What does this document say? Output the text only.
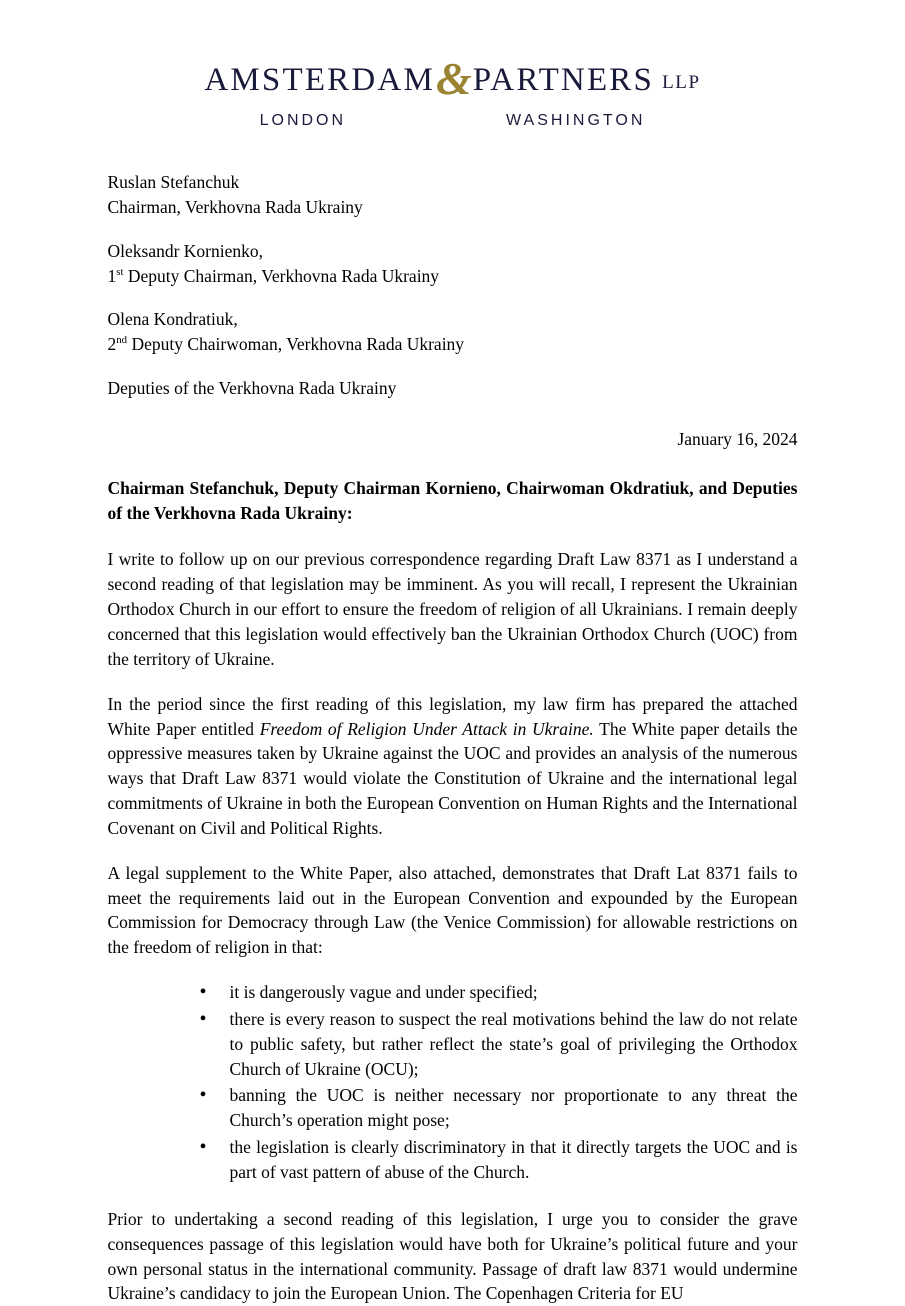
AMSTERDAM&PARTNERS LLP
LONDON	WASHINGTON
Ruslan Stefanchuk
Chairman, Verkhovna Rada Ukrainy
Oleksandr Kornienko,
1st Deputy Chairman, Verkhovna Rada Ukrainy
Olena Kondratiuk,
2nd Deputy Chairwoman, Verkhovna Rada Ukrainy
Deputies of the Verkhovna Rada Ukrainy
January 16, 2024
Chairman Stefanchuk, Deputy Chairman Kornieno, Chairwoman Okdratiuk, and Deputies of the Verkhovna Rada Ukrainy:

I write to follow up on our previous correspondence regarding Draft Law 8371 as I understand a second reading of that legislation may be imminent. As you will recall, I represent the Ukrainian Orthodox Church in our effort to ensure the freedom of religion of all Ukrainians. I remain deeply concerned that this legislation would effectively ban the Ukrainian Orthodox Church (UOC) from the territory of Ukraine.

In the period since the first reading of this legislation, my law firm has prepared the attached White Paper entitled Freedom of Religion Under Attack in Ukraine. The White paper details the oppressive measures taken by Ukraine against the UOC and provides an analysis of the numerous ways that Draft Law 8371 would violate the Constitution of Ukraine and the international legal commitments of Ukraine in both the European Convention on Human Rights and the International Covenant on Civil and Political Rights.

A legal supplement to the White Paper, also attached, demonstrates that Draft Lat 8371 fails to meet the requirements laid out in the European Convention and expounded by the European Commission for Democracy through Law (the Venice Commission) for allowable restrictions on the freedom of religion in that:

• it is dangerously vague and under specified;
• there is every reason to suspect the real motivations behind the law do not relate to public safety, but rather reflect the state’s goal of privileging the Orthodox Church of Ukraine (OCU);
• banning the UOC is neither necessary nor proportionate to any threat the Church’s operation might pose;
• the legislation is clearly discriminatory in that it directly targets the UOC and is part of vast pattern of abuse of the Church.

Prior to undertaking a second reading of this legislation, I urge you to consider the grave consequences passage of this legislation would have both for Ukraine’s political future and your own personal status in the international community. Passage of draft law 8371 would undermine Ukraine’s candidacy to join the European Union. The Copenhagen Criteria for EU
